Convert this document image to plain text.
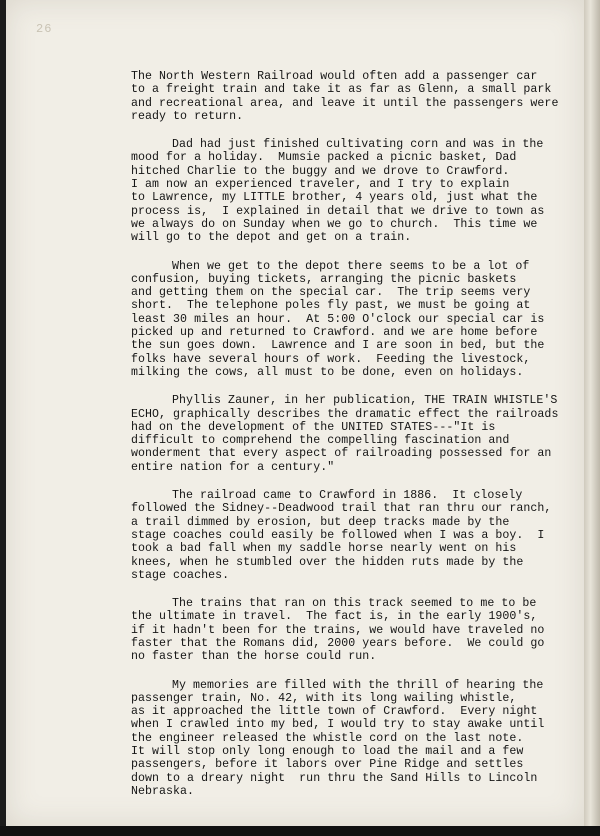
26

The North Western Railroad would often add a passenger car
to a freight train and take it as far as Glenn, a small park
and recreational area, and leave it until the passengers were
ready to return.

Dad had just finished cultivating corn and was in the
mood for a holiday.  Mumsie packed a picnic basket, Dad
hitched Charlie to the buggy and we drove to Crawford.
I am now an experienced traveler, and I try to explain
to Lawrence, my LITTLE brother, 4 years old, just what the
process is,  I explained in detail that we drive to town as
we always do on Sunday when we go to church.  This time we
will go to the depot and get on a train.

When we get to the depot there seems to be a lot of
confusion, buying tickets, arranging the picnic baskets
and getting them on the special car.  The trip seems very
short.  The telephone poles fly past, we must be going at
least 30 miles an hour.  At 5:00 O'clock our special car is
picked up and returned to Crawford. and we are home before
the sun goes down.  Lawrence and I are soon in bed, but the
folks have several hours of work.  Feeding the livestock,
milking the cows, all must to be done, even on holidays.

Phyllis Zauner, in her publication, THE TRAIN WHISTLE'S
ECHO, graphically describes the dramatic effect the railroads
had on the development of the UNITED STATES---"It is
difficult to comprehend the compelling fascination and
wonderment that every aspect of railroading possessed for an
entire nation for a century."

The railroad came to Crawford in 1886.  It closely
followed the Sidney--Deadwood trail that ran thru our ranch,
a trail dimmed by erosion, but deep tracks made by the
stage coaches could easily be followed when I was a boy.  I
took a bad fall when my saddle horse nearly went on his
knees, when he stumbled over the hidden ruts made by the
stage coaches.

The trains that ran on this track seemed to me to be
the ultimate in travel.  The fact is, in the early 1900's,
if it hadn't been for the trains, we would have traveled no
faster that the Romans did, 2000 years before.  We could go
no faster than the horse could run.

My memories are filled with the thrill of hearing the
passenger train, No. 42, with its long wailing whistle,
as it approached the little town of Crawford.  Every night
when I crawled into my bed, I would try to stay awake until
the engineer released the whistle cord on the last note.
It will stop only long enough to load the mail and a few
passengers, before it labors over Pine Ridge and settles
down to a dreary night  run thru the Sand Hills to Lincoln
Nebraska.
